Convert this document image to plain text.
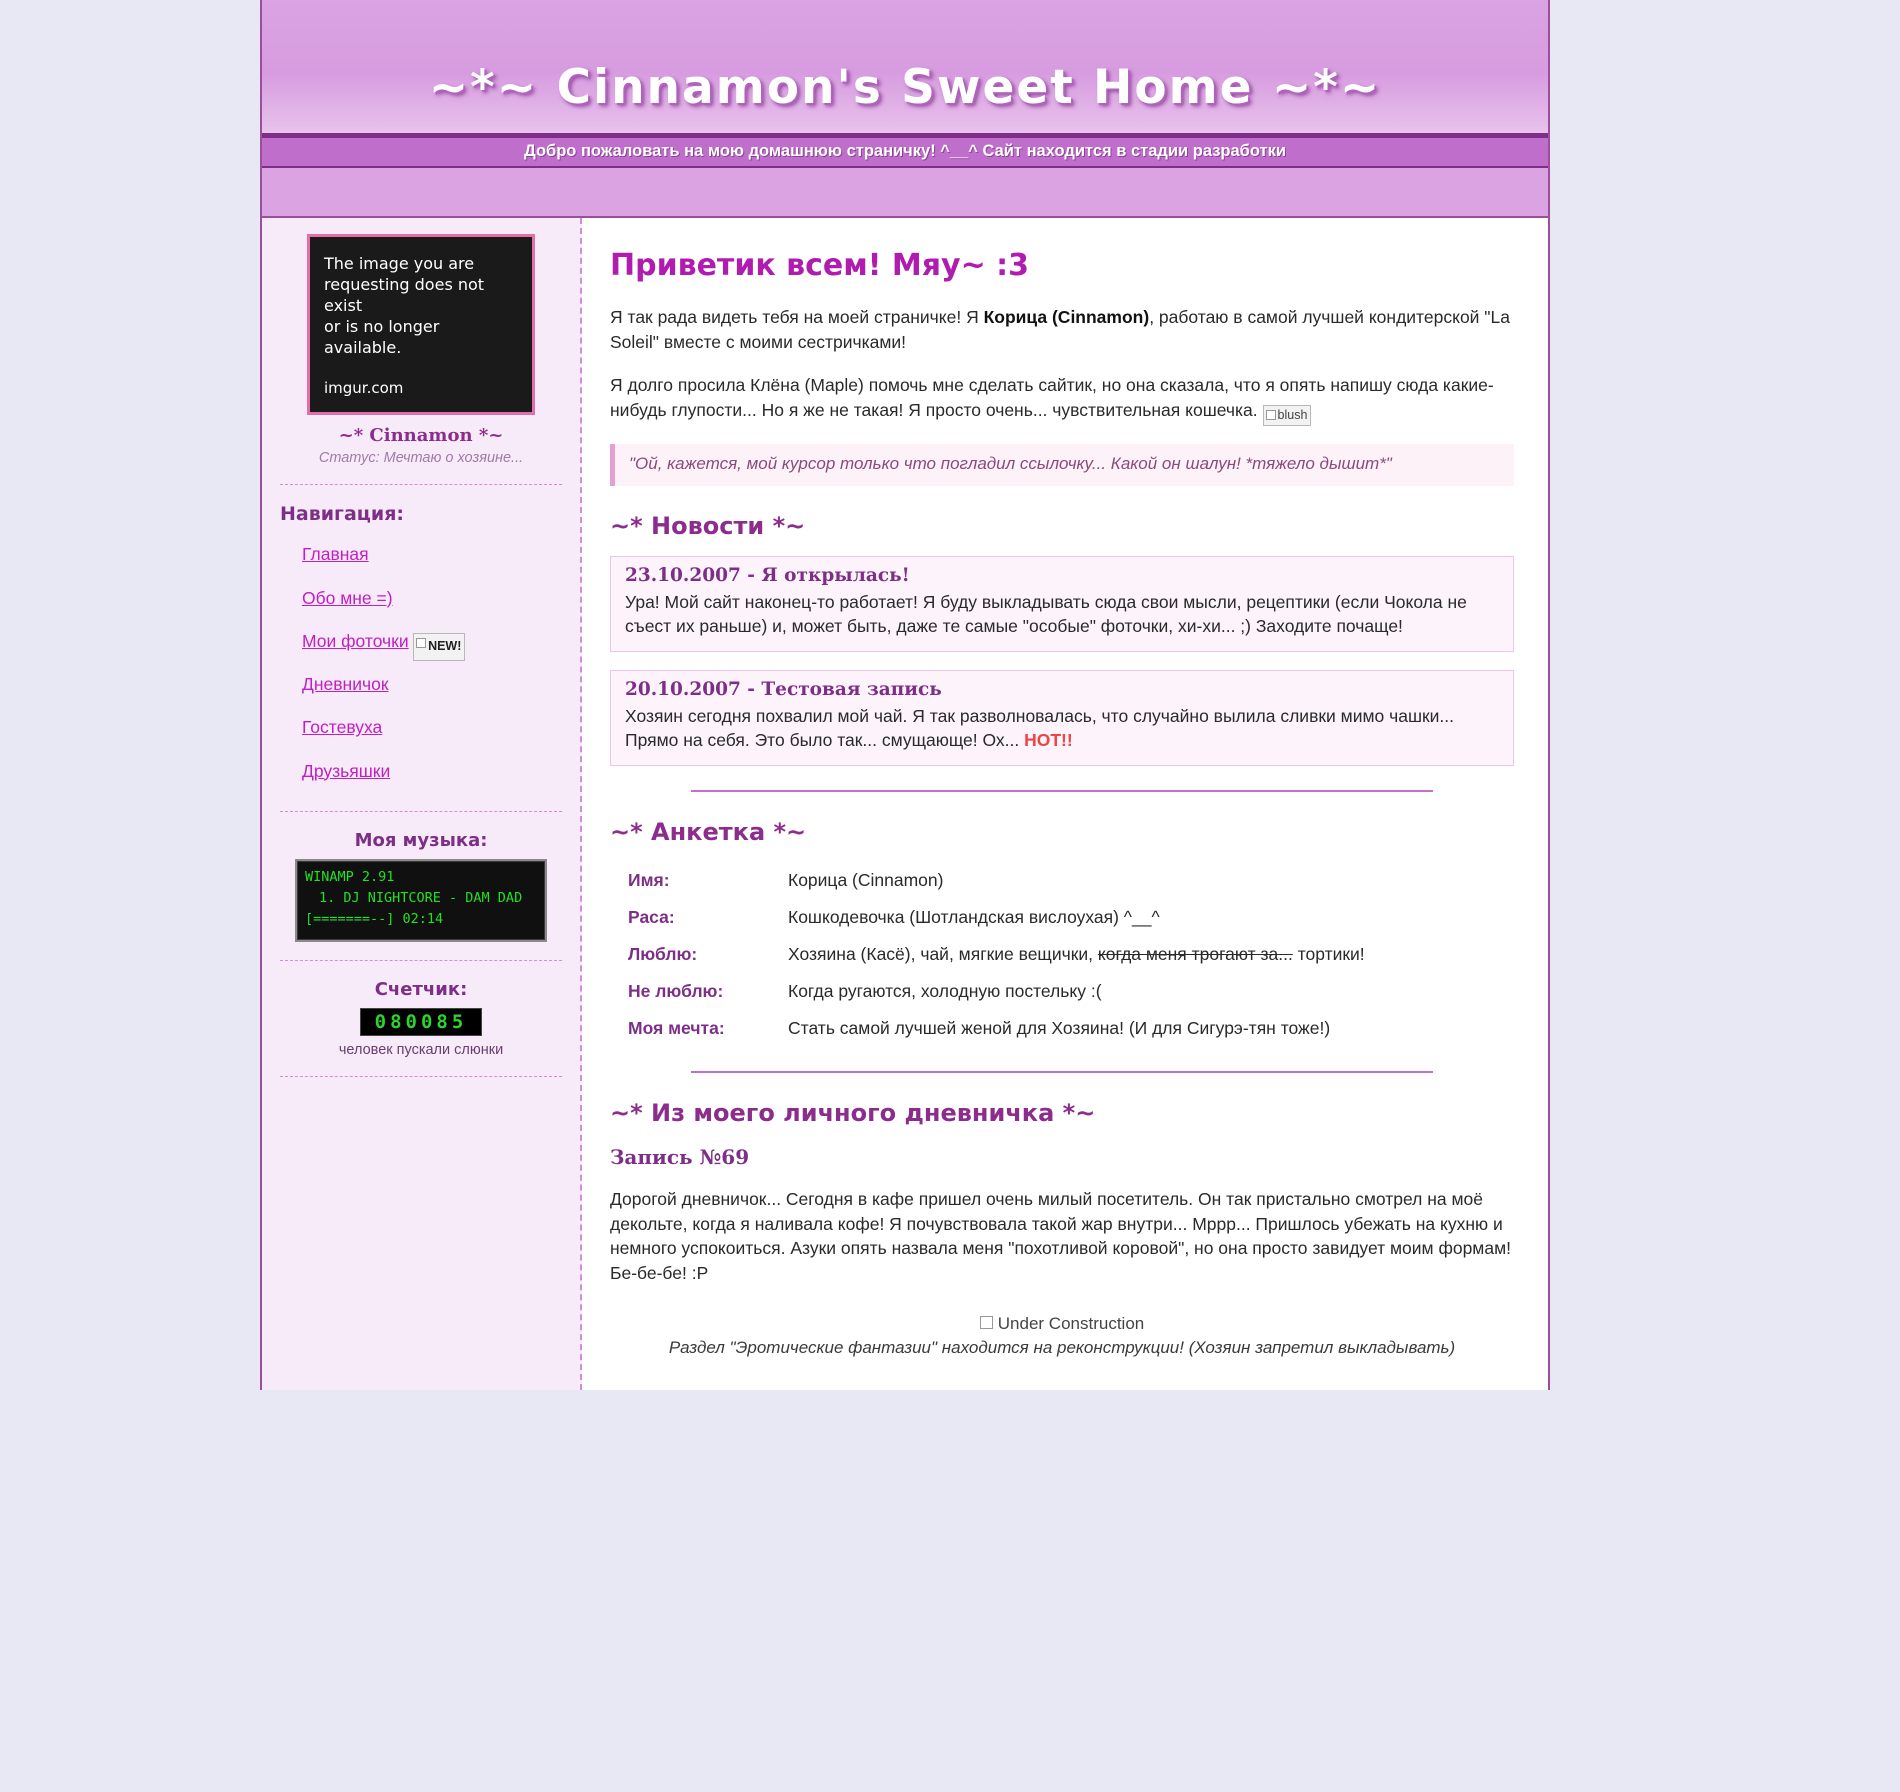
~*~ Cinnamon's Sweet Home ~*~
Добро пожаловать на мою домашнюю страничку! ^__^ Сайт находится в стадии разработки
The image you are
requesting does not exist
or is no longer available.
imgur.com
~* Cinnamon *~
Статус: Мечтаю о хозяине...
Навигация:
Главная
Обо мне =)
Мои фоточки NEW!
Дневничок
Гостевуха
Друзьяшки
Моя музыка:
WINAMP 2.91
1. DJ NIGHTCORE - DAM DAD
[=======--] 02:14
Счетчик:
080085
человек пускали слюнки
Приветик всем! Мяу~ :3

Я так рада видеть тебя на моей страничке! Я Корица (Cinnamon), работаю в самой лучшей кондитерской "La Soleil" вместе с моими сестричками!

Я долго просила Клёна (Maple) помочь мне сделать сайтик, но она сказала, что я опять напишу сюда какие-нибудь глупости... Но я же не такая! Я просто очень... чувствительная кошечка. blush

"Ой, кажется, мой курсор только что погладил ссылочку... Какой он шалун! *тяжело дышит*"
~* Новости *~
23.10.2007 - Я открылась!
Ура! Мой сайт наконец-то работает! Я буду выкладывать сюда свои мысли, рецептики (если Чокола не съест их раньше) и, может быть, даже те самые "особые" фоточки, хи-хи... ;) Заходите почаще!
20.10.2007 - Тестовая запись
Хозяин сегодня похвалил мой чай. Я так разволновалась, что случайно вылила сливки мимо чашки... Прямо на себя. Это было так... смущающе! Ох... HOT!!
~* Анкетка *~
Имя:	Корица (Cinnamon)
Раса:	Кошкодевочка (Шотландская вислоухая) ^__^
Люблю:	Хозяина (Касё), чай, мягкие вещички, когда меня трогают за... тортики!
Не люблю:	Когда ругаются, холодную постельку :(
Моя мечта:	Стать самой лучшей женой для Хозяина! (И для Сигурэ-тян тоже!)
~* Из моего личного дневничка *~
Запись №69

Дорогой дневничок... Сегодня в кафе пришел очень милый посетитель. Он так пристально смотрел на моё декольте, когда я наливала кофе! Я почувствовала такой жар внутри... Мррр... Пришлось убежать на кухню и немного успокоиться. Азуки опять назвала меня "похотливой коровой", но она просто завидует моим формам! Бе-бе-бе! :P

Under Construction
Раздел "Эротические фантазии" находится на реконструкции! (Хозяин запретил выкладывать)
